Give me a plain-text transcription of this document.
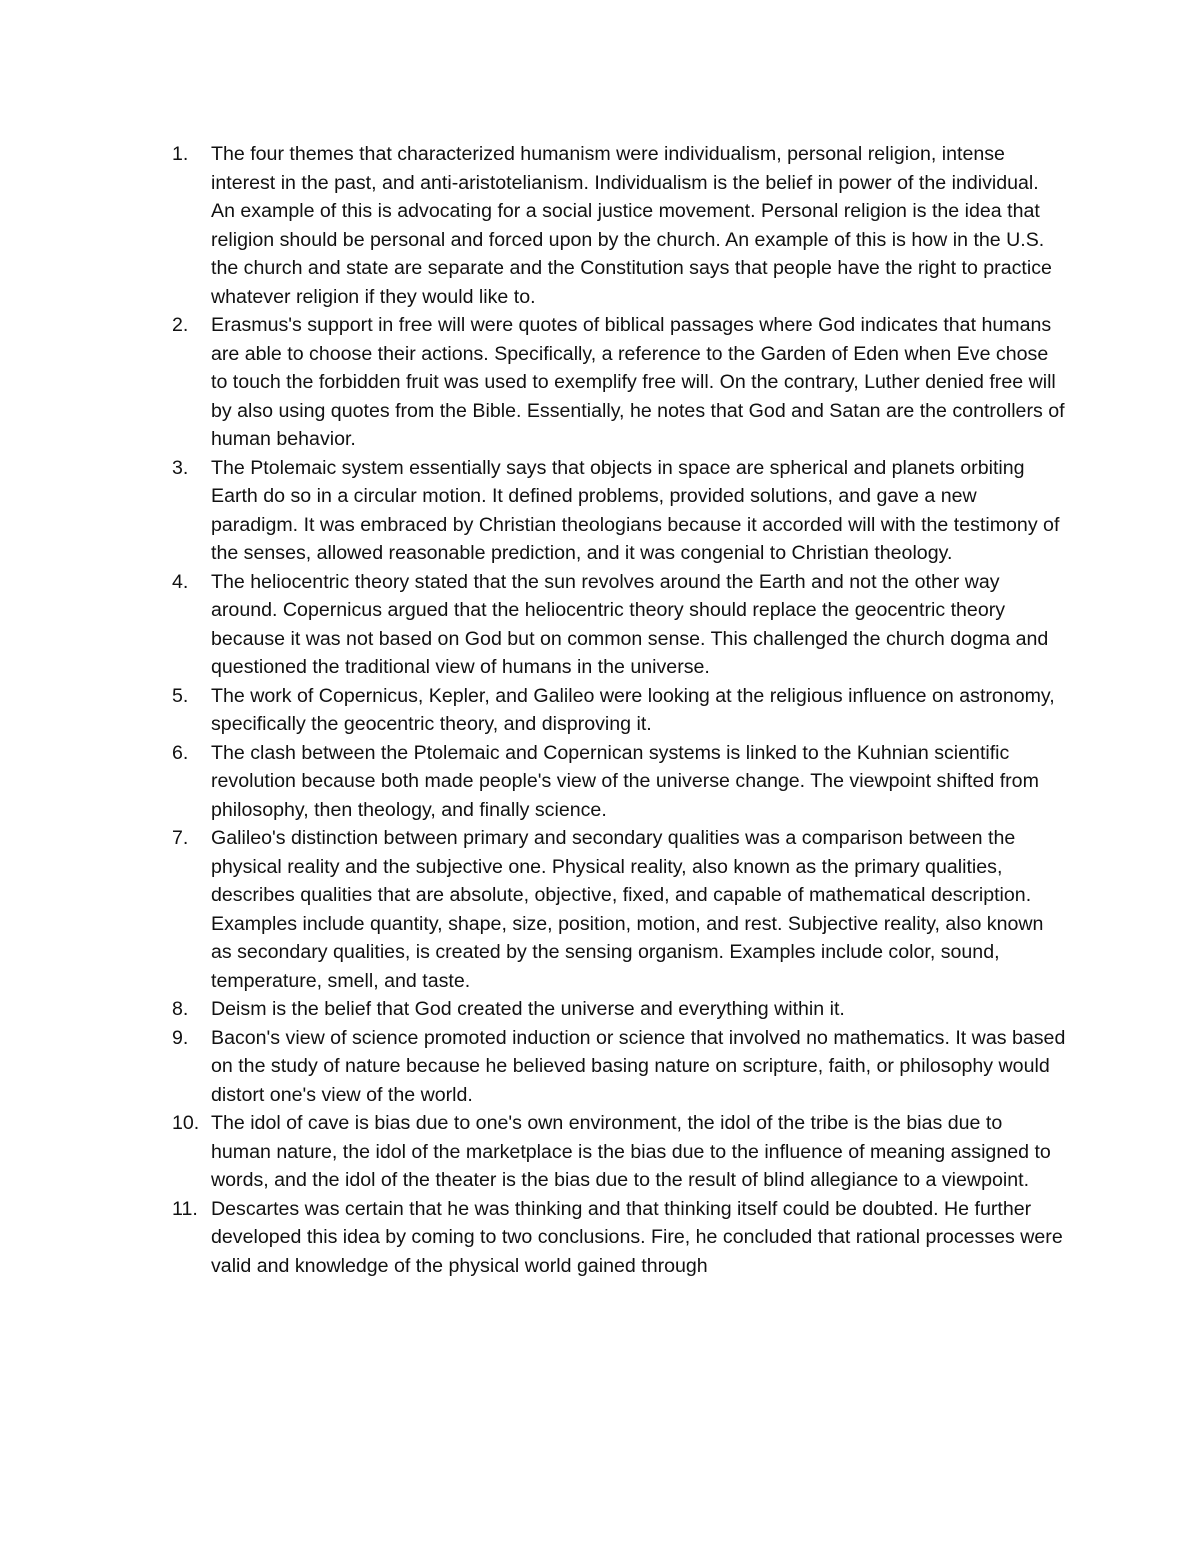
1.	The four themes that characterized humanism were individualism, personal religion, intense interest in the past, and anti-aristotelianism. Individualism is the belief in power of the individual. An example of this is advocating for a social justice movement. Personal religion is the idea that religion should be personal and forced upon by the church. An example of this is how in the U.S. the church and state are separate and the Constitution says that people have the right to practice whatever religion if they would like to.
2.	Erasmus's support in free will were quotes of biblical passages where God indicates that humans are able to choose their actions. Specifically, a reference to the Garden of Eden when Eve chose to touch the forbidden fruit was used to exemplify free will. On the contrary, Luther denied free will by also using quotes from the Bible. Essentially, he notes that God and Satan are the controllers of human behavior.
3.	The Ptolemaic system essentially says that objects in space are spherical and planets orbiting Earth do so in a circular motion. It defined problems, provided solutions, and gave a new paradigm. It was embraced by Christian theologians because it accorded will with the testimony of the senses, allowed reasonable prediction, and it was congenial to Christian theology.
4.	The heliocentric theory stated that the sun revolves around the Earth and not the other way around. Copernicus argued that the heliocentric theory should replace the geocentric theory because it was not based on God but on common sense. This challenged the church dogma and questioned the traditional view of humans in the universe.
5.	The work of Copernicus, Kepler, and Galileo were looking at the religious influence on astronomy, specifically the geocentric theory, and disproving it.
6.	The clash between the Ptolemaic and Copernican systems is linked to the Kuhnian scientific revolution because both made people's view of the universe change. The viewpoint shifted from philosophy, then theology, and finally science.
7.	Galileo's distinction between primary and secondary qualities was a comparison between the physical reality and the subjective one. Physical reality, also known as the primary qualities, describes qualities that are absolute, objective, fixed, and capable of mathematical description. Examples include quantity, shape, size, position, motion, and rest. Subjective reality, also known as secondary qualities, is created by the sensing organism. Examples include color, sound, temperature, smell, and taste.
8.	Deism is the belief that God created the universe and everything within it.
9.	Bacon's view of science promoted induction or science that involved no mathematics. It was based on the study of nature because he believed basing nature on scripture, faith, or philosophy would distort one's view of the world.
10. The idol of cave is bias due to one's own environment, the idol of the tribe is the bias due to human nature, the idol of the marketplace is the bias due to the influence of meaning assigned to words, and the idol of the theater is the bias due to the result of blind allegiance to a viewpoint.
11. Descartes was certain that he was thinking and that thinking itself could be doubted. He further developed this idea by coming to two conclusions. Fire, he concluded that rational processes were valid and knowledge of the physical world gained through
